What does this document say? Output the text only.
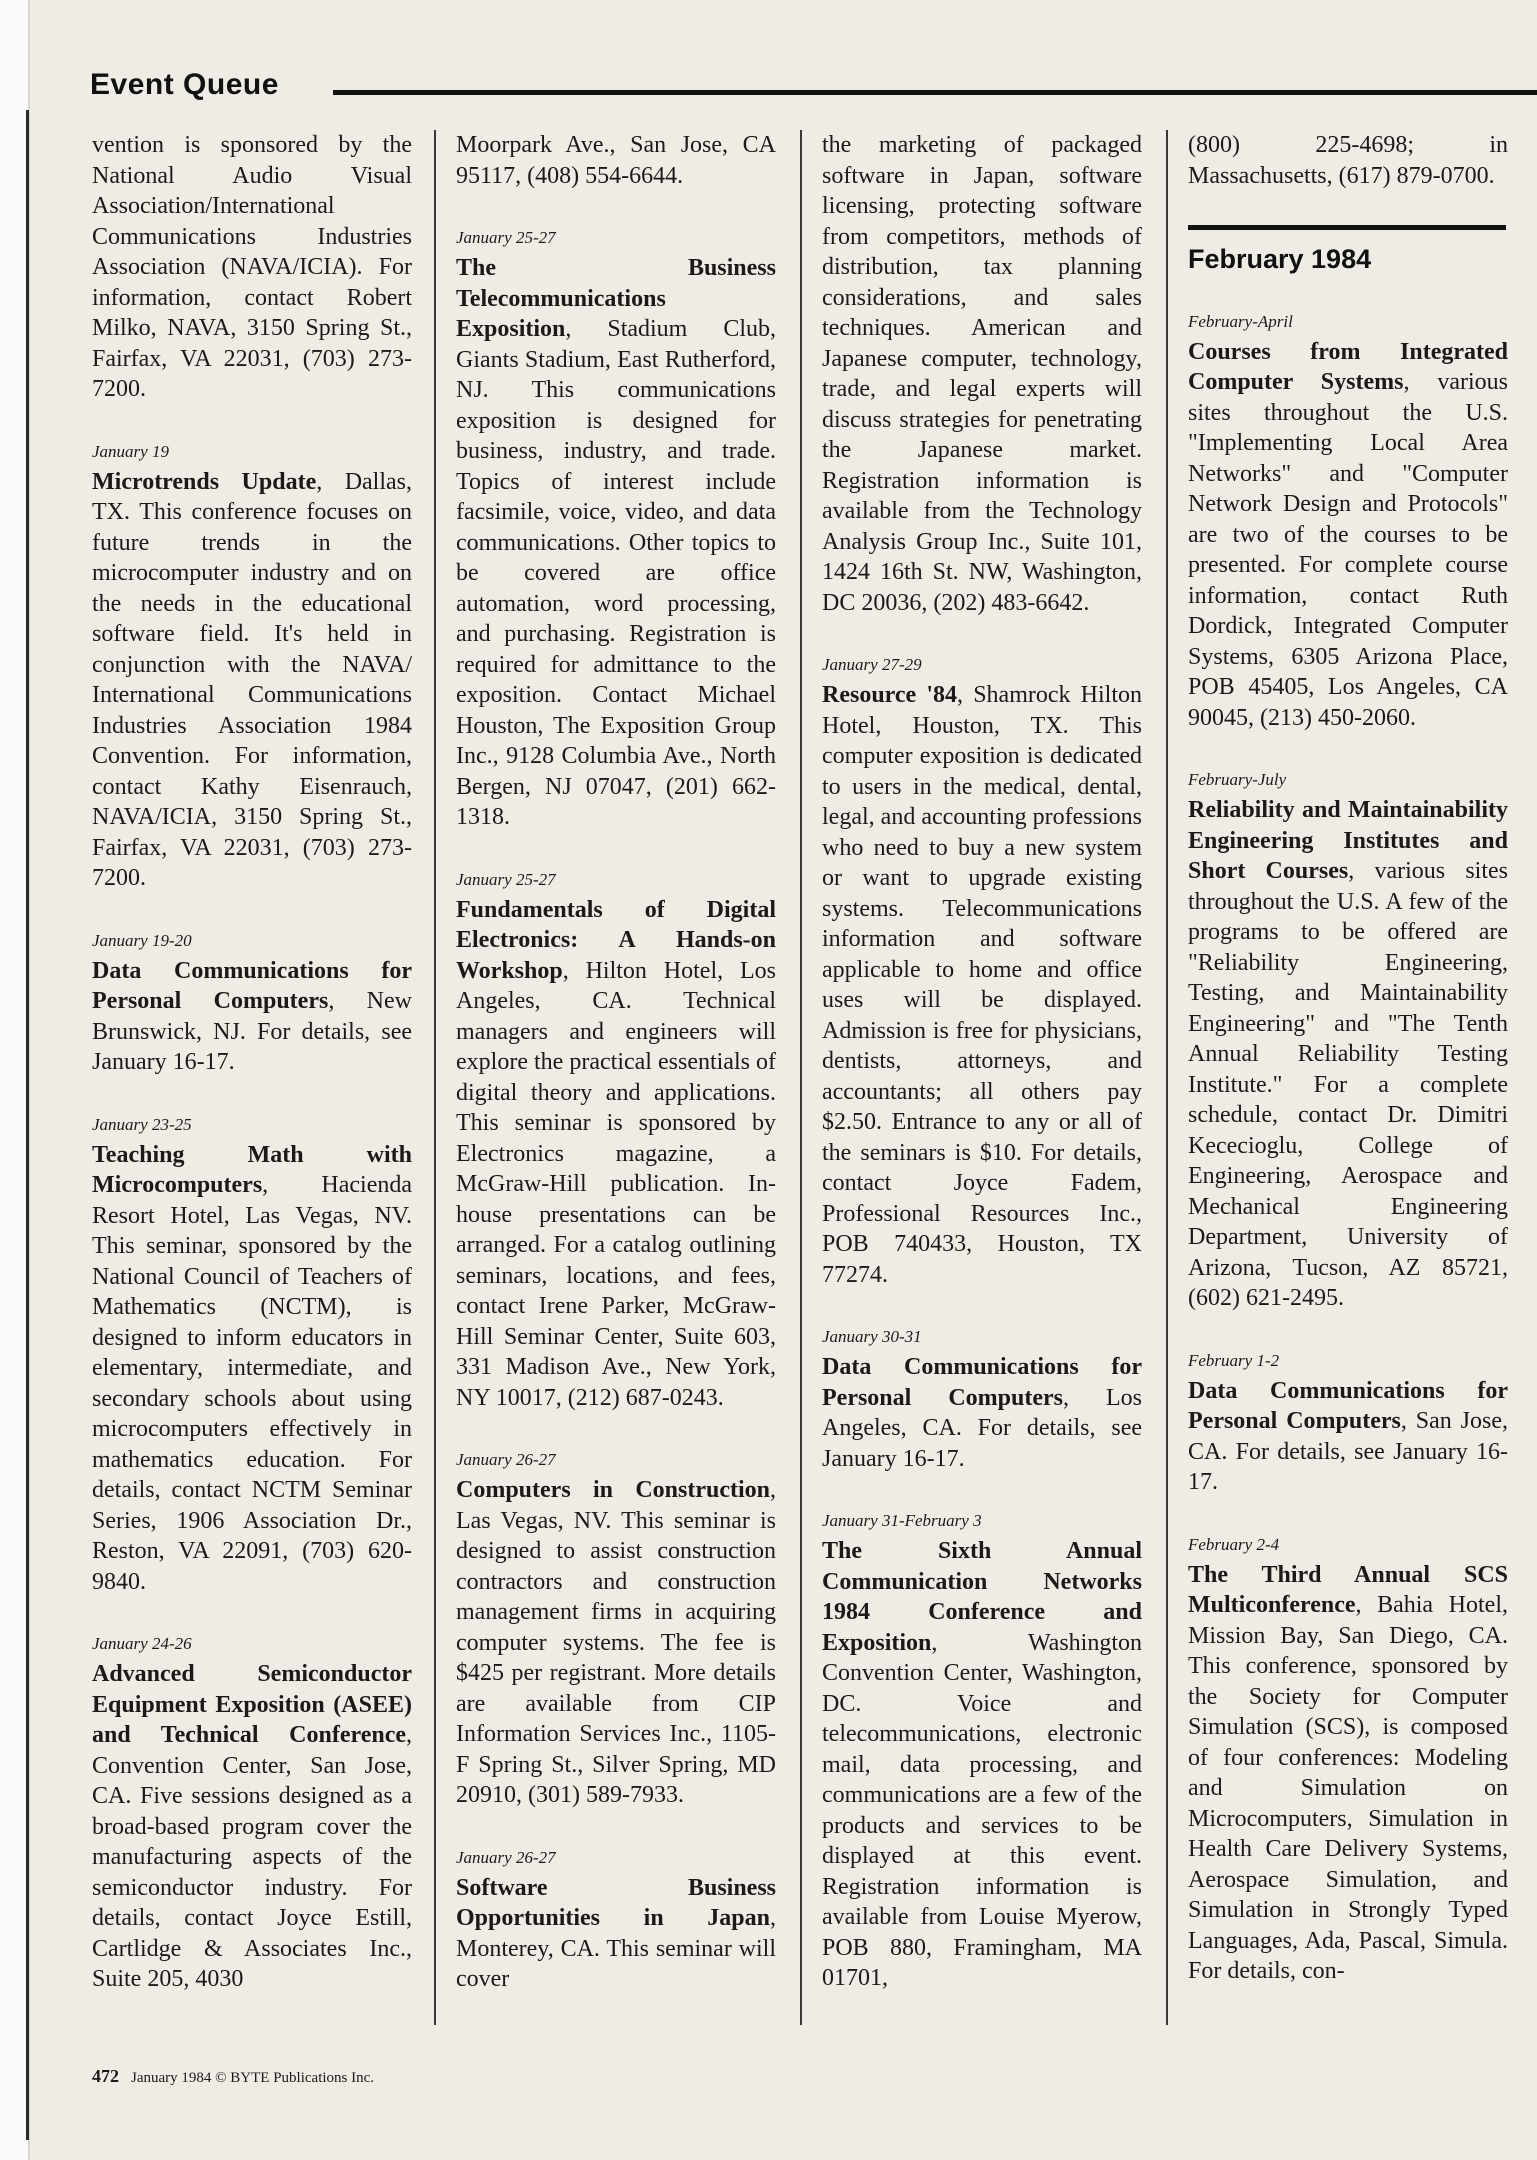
Event Queue
vention is sponsored by the National Audio Visual Association/International Communications Industries Association (NAVA/ICIA). For information, contact Robert Milko, NAVA, 3150 Spring St., Fairfax, VA 22031, (703) 273-7200.
January 19
Microtrends Update, Dallas, TX. This conference focuses on future trends in the microcomputer industry and on the needs in the educational software field. It's held in conjunction with the NAVA/ International Communications Industries Association 1984 Convention. For information, contact Kathy Eisenrauch, NAVA/ICIA, 3150 Spring St., Fairfax, VA 22031, (703) 273-7200.
January 19-20
Data Communications for Personal Computers, New Brunswick, NJ. For details, see January 16-17.
January 23-25
Teaching Math with Microcomputers, Hacienda Resort Hotel, Las Vegas, NV. This seminar, sponsored by the National Council of Teachers of Mathematics (NCTM), is designed to inform educators in elementary, intermediate, and secondary schools about using microcomputers effectively in mathematics education. For details, contact NCTM Seminar Series, 1906 Association Dr., Reston, VA 22091, (703) 620-9840.
January 24-26
Advanced Semiconductor Equipment Exposition (ASEE) and Technical Conference, Convention Center, San Jose, CA. Five sessions designed as a broad-based program cover the manufacturing aspects of the semiconductor industry. For details, contact Joyce Estill, Cartlidge & Associates Inc., Suite 205, 4030
Moorpark Ave., San Jose, CA 95117, (408) 554-6644.
January 25-27
The Business Telecommunications Exposition, Stadium Club, Giants Stadium, East Rutherford, NJ. This communications exposition is designed for business, industry, and trade. Topics of interest include facsimile, voice, video, and data communications. Other topics to be covered are office automation, word processing, and purchasing. Registration is required for admittance to the exposition. Contact Michael Houston, The Exposition Group Inc., 9128 Columbia Ave., North Bergen, NJ 07047, (201) 662-1318.
January 25-27
Fundamentals of Digital Electronics: A Hands-on Workshop, Hilton Hotel, Los Angeles, CA. Technical managers and engineers will explore the practical essentials of digital theory and applications. This seminar is sponsored by Electronics magazine, a McGraw-Hill publication. In-house presentations can be arranged. For a catalog outlining seminars, locations, and fees, contact Irene Parker, McGraw-Hill Seminar Center, Suite 603, 331 Madison Ave., New York, NY 10017, (212) 687-0243.
January 26-27
Computers in Construction, Las Vegas, NV. This seminar is designed to assist construction contractors and construction management firms in acquiring computer systems. The fee is $425 per registrant. More details are available from CIP Information Services Inc., 1105-F Spring St., Silver Spring, MD 20910, (301) 589-7933.
January 26-27
Software Business Opportunities in Japan, Monterey, CA. This seminar will cover
the marketing of packaged software in Japan, software licensing, protecting software from competitors, methods of distribution, tax planning considerations, and sales techniques. American and Japanese computer, technology, trade, and legal experts will discuss strategies for penetrating the Japanese market. Registration information is available from the Technology Analysis Group Inc., Suite 101, 1424 16th St. NW, Washington, DC 20036, (202) 483-6642.
January 27-29
Resource '84, Shamrock Hilton Hotel, Houston, TX. This computer exposition is dedicated to users in the medical, dental, legal, and accounting professions who need to buy a new system or want to upgrade existing systems. Telecommunications information and software applicable to home and office uses will be displayed. Admission is free for physicians, dentists, attorneys, and accountants; all others pay $2.50. Entrance to any or all of the seminars is $10. For details, contact Joyce Fadem, Professional Resources Inc., POB 740433, Houston, TX 77274.
January 30-31
Data Communications for Personal Computers, Los Angeles, CA. For details, see January 16-17.
January 31-February 3
The Sixth Annual Communication Networks 1984 Conference and Exposition, Washington Convention Center, Washington, DC. Voice and telecommunications, electronic mail, data processing, and communications are a few of the products and services to be displayed at this event. Registration information is available from Louise Myerow, POB 880, Framingham, MA 01701,
(800) 225-4698; in Massachusetts, (617) 879-0700.
February 1984
February-April
Courses from Integrated Computer Systems, various sites throughout the U.S. "Implementing Local Area Networks" and "Computer Network Design and Protocols" are two of the courses to be presented. For complete course information, contact Ruth Dordick, Integrated Computer Systems, 6305 Arizona Place, POB 45405, Los Angeles, CA 90045, (213) 450-2060.
February-July
Reliability and Maintainability Engineering Institutes and Short Courses, various sites throughout the U.S. A few of the programs to be offered are "Reliability Engineering, Testing, and Maintainability Engineering" and "The Tenth Annual Reliability Testing Institute." For a complete schedule, contact Dr. Dimitri Kececioglu, College of Engineering, Aerospace and Mechanical Engineering Department, University of Arizona, Tucson, AZ 85721, (602) 621-2495.
February 1-2
Data Communications for Personal Computers, San Jose, CA. For details, see January 16-17.
February 2-4
The Third Annual SCS Multiconference, Bahia Hotel, Mission Bay, San Diego, CA. This conference, sponsored by the Society for Computer Simulation (SCS), is composed of four conferences: Modeling and Simulation on Microcomputers, Simulation in Health Care Delivery Systems, Aerospace Simulation, and Simulation in Strongly Typed Languages, Ada, Pascal, Simula. For details, con-
472 January 1984 © BYTE Publications Inc.
